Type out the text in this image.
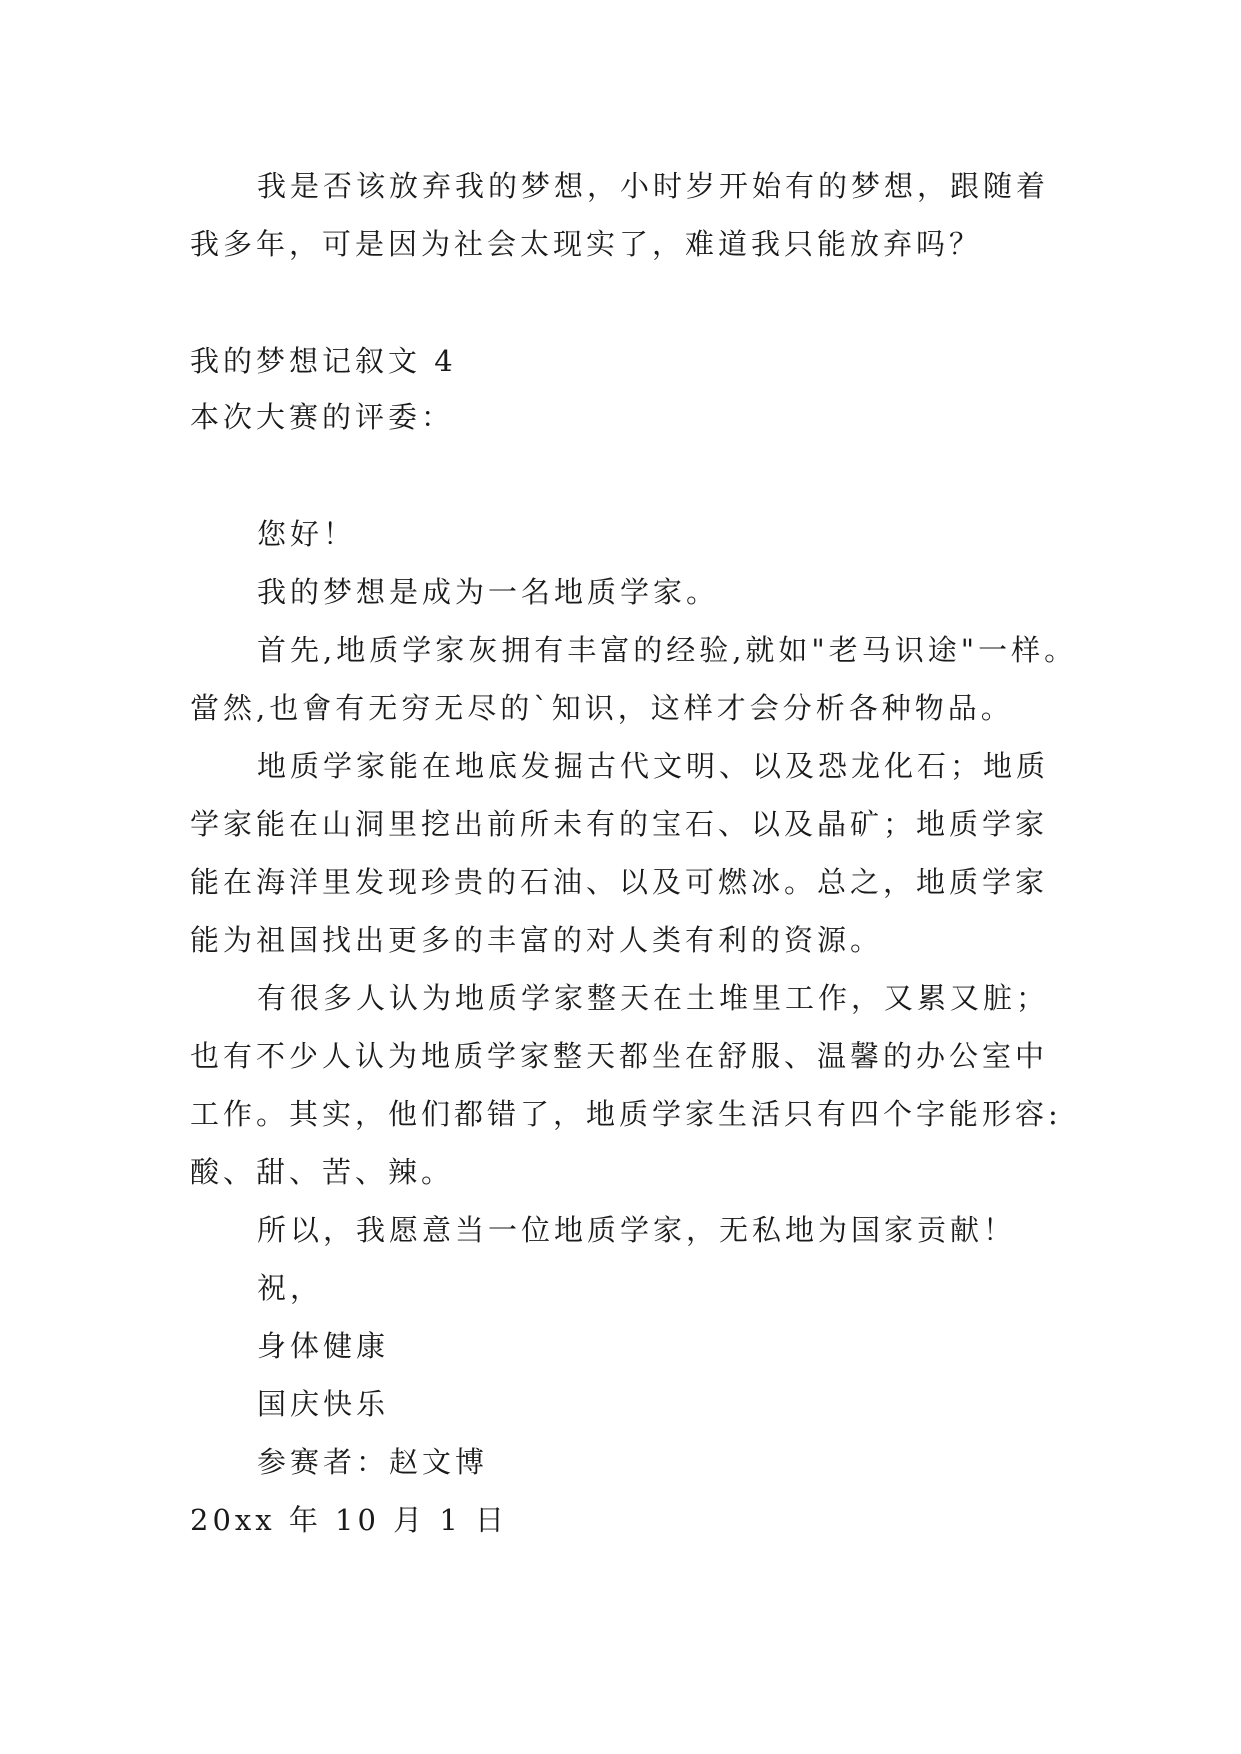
我是否该放弃我的梦想，小时岁开始有的梦想，跟随着
我多年，可是因为社会太现实了，难道我只能放弃吗？
我的梦想记叙文 4
本次大赛的评委：
您好！
我的梦想是成为一名地质学家。
首先,地质学家灰拥有丰富的经验,就如"老马识途"一样。
當然,也會有无穷无尽的`知识，这样才会分析各种物品。
地质学家能在地底发掘古代文明、以及恐龙化石；地质
学家能在山洞里挖出前所未有的宝石、以及晶矿；地质学家
能在海洋里发现珍贵的石油、以及可燃冰。总之，地质学家
能为祖国找出更多的丰富的对人类有利的资源。
有很多人认为地质学家整天在土堆里工作，又累又脏；
也有不少人认为地质学家整天都坐在舒服、温馨的办公室中
工作。其实，他们都错了，地质学家生活只有四个字能形容:
酸、甜、苦、辣。
所以，我愿意当一位地质学家，无私地为国家贡献！
祝，
身体健康
国庆快乐
参赛者：赵文博
20xx 年 10 月 1 日
